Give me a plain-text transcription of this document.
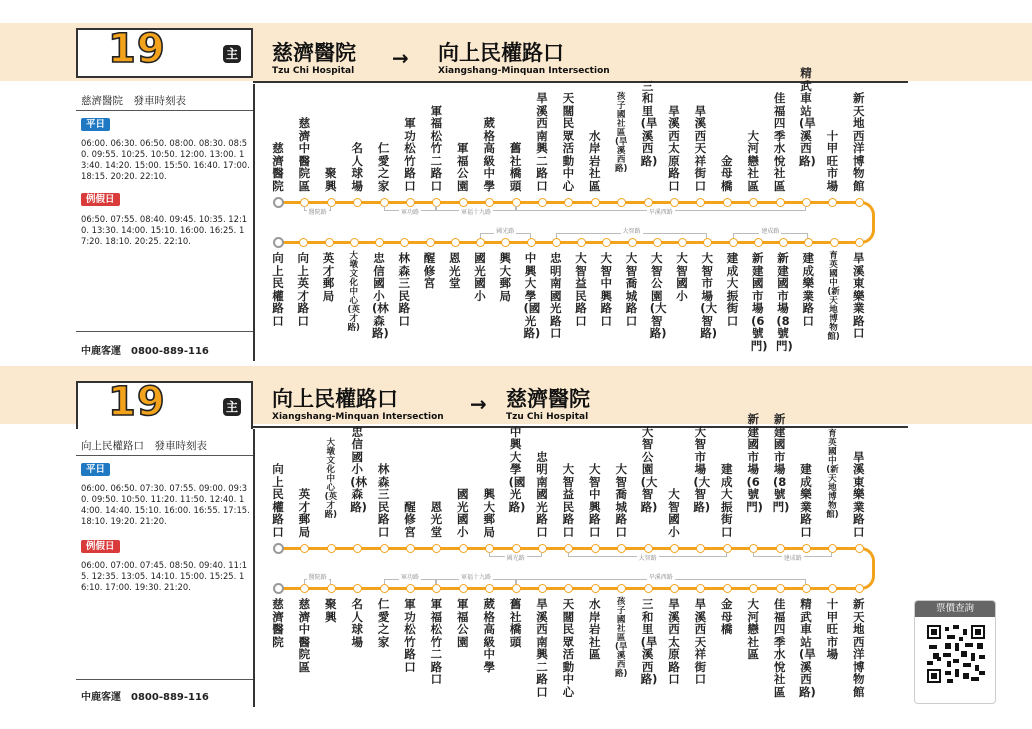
19	主
慈濟醫院　發車時刻表
平日
06:00. 06:30. 06:50. 08:00. 08:30. 08:50. 09:55. 10:25. 10:50. 12:00. 13:00. 13:40. 14:20. 15:00. 15:50. 16:40. 17:00. 18:15. 20:20. 22:10.
例假日
06:50. 07:55. 08:40. 09:45. 10:35. 12:10. 13:30. 14:00. 15:10. 16:00. 16:25. 17:20. 18:10. 20:25. 22:10.
中鹿客運　0800-889-116
慈濟醫院
Tzu Chi Hospital
→ 向上民權路口
Xiangshang-Minquan Intersection
19	主
向上民權路口　發車時刻表
平日
06:00. 06:50. 07:30. 07:55. 09:00. 09:30. 09:50. 10:50. 11:20. 11:50. 12:40. 14:00. 14:40. 15:10. 16:00. 16:55. 17:15. 18:10. 19:20. 21:20.
例假日
06:00. 07:00. 07:45. 08:50. 09:40. 11:15. 12:35. 13:05. 14:10. 15:00. 15:25. 16:10. 17:00. 19:30. 21:20.
中鹿客運　0800-889-116
向上民權路口
Xiangshang-Minquan Intersection
→ 慈濟醫院
Tzu Chi Hospital
票價查詢
慈濟醫院
慈濟中醫院區
聚興
名人球場
仁愛之家
軍功松竹路口
軍福松竹二路口
軍福公園
葳格高級中學
舊社橋頭
旱溪西南興二路口
天闊民眾活動中心
水岸岩社區
孩子國社區(旱溪西路)
三和里(旱溪西路)
旱溪西太原路口
旱溪西天祥街口
金母橋
大河戀社區
佳福四季水悅社區
精武車站(旱溪西路)
十甲旺市場
新天地西洋博物館
向上民權路口
向上英才路口
英才郵局
大墩文化中心(英才路)
忠信國小(林森路)
林森三民路口
醒修宮
恩光堂
國光國小
興大郵局
中興大學(國光路)
忠明南國光路口
大智益民路口
大智中興路口
大智喬城路口
大智公園(大智路)
大智國小
大智市場(大智路)
建成大振街口
新建國市場(6號門)
新建國市場(8號門)
建成樂業路口
育英國中(新天地博物館)
旱溪東樂業路口
醫院路	軍功路	軍福十九路	旱溪西路
國光路	大智路	建成路
向上民權路口
英才郵局
大墩文化中心(英才路)
忠信國小(林森路)
林森三民路口
醒修宮
恩光堂
國光國小
興大郵局
中興大學(國光路)
忠明南國光路口
大智益民路口
大智中興路口
大智喬城路口
大智公園(大智路)
大智國小
大智市場(大智路)
建成大振街口
新建國市場(6號門)
新建國市場(8號門)
建成樂業路口
育英國中(新天地博物館)
旱溪東樂業路口
慈濟醫院
慈濟中醫院區
聚興
名人球場
仁愛之家
軍功松竹路口
軍福松竹二路口
軍福公園
葳格高級中學
舊社橋頭
旱溪西南興二路口
天闊民眾活動中心
水岸岩社區
孩子國社區(旱溪西路)
三和里(旱溪西路)
旱溪西太原路口
旱溪西天祥街口
金母橋
大河戀社區
佳福四季水悅社區
精武車站(旱溪西路)
十甲旺市場
新天地西洋博物館
國光路	大智路	建成路
醫院路	軍功路	軍福十九路	旱溪西路
